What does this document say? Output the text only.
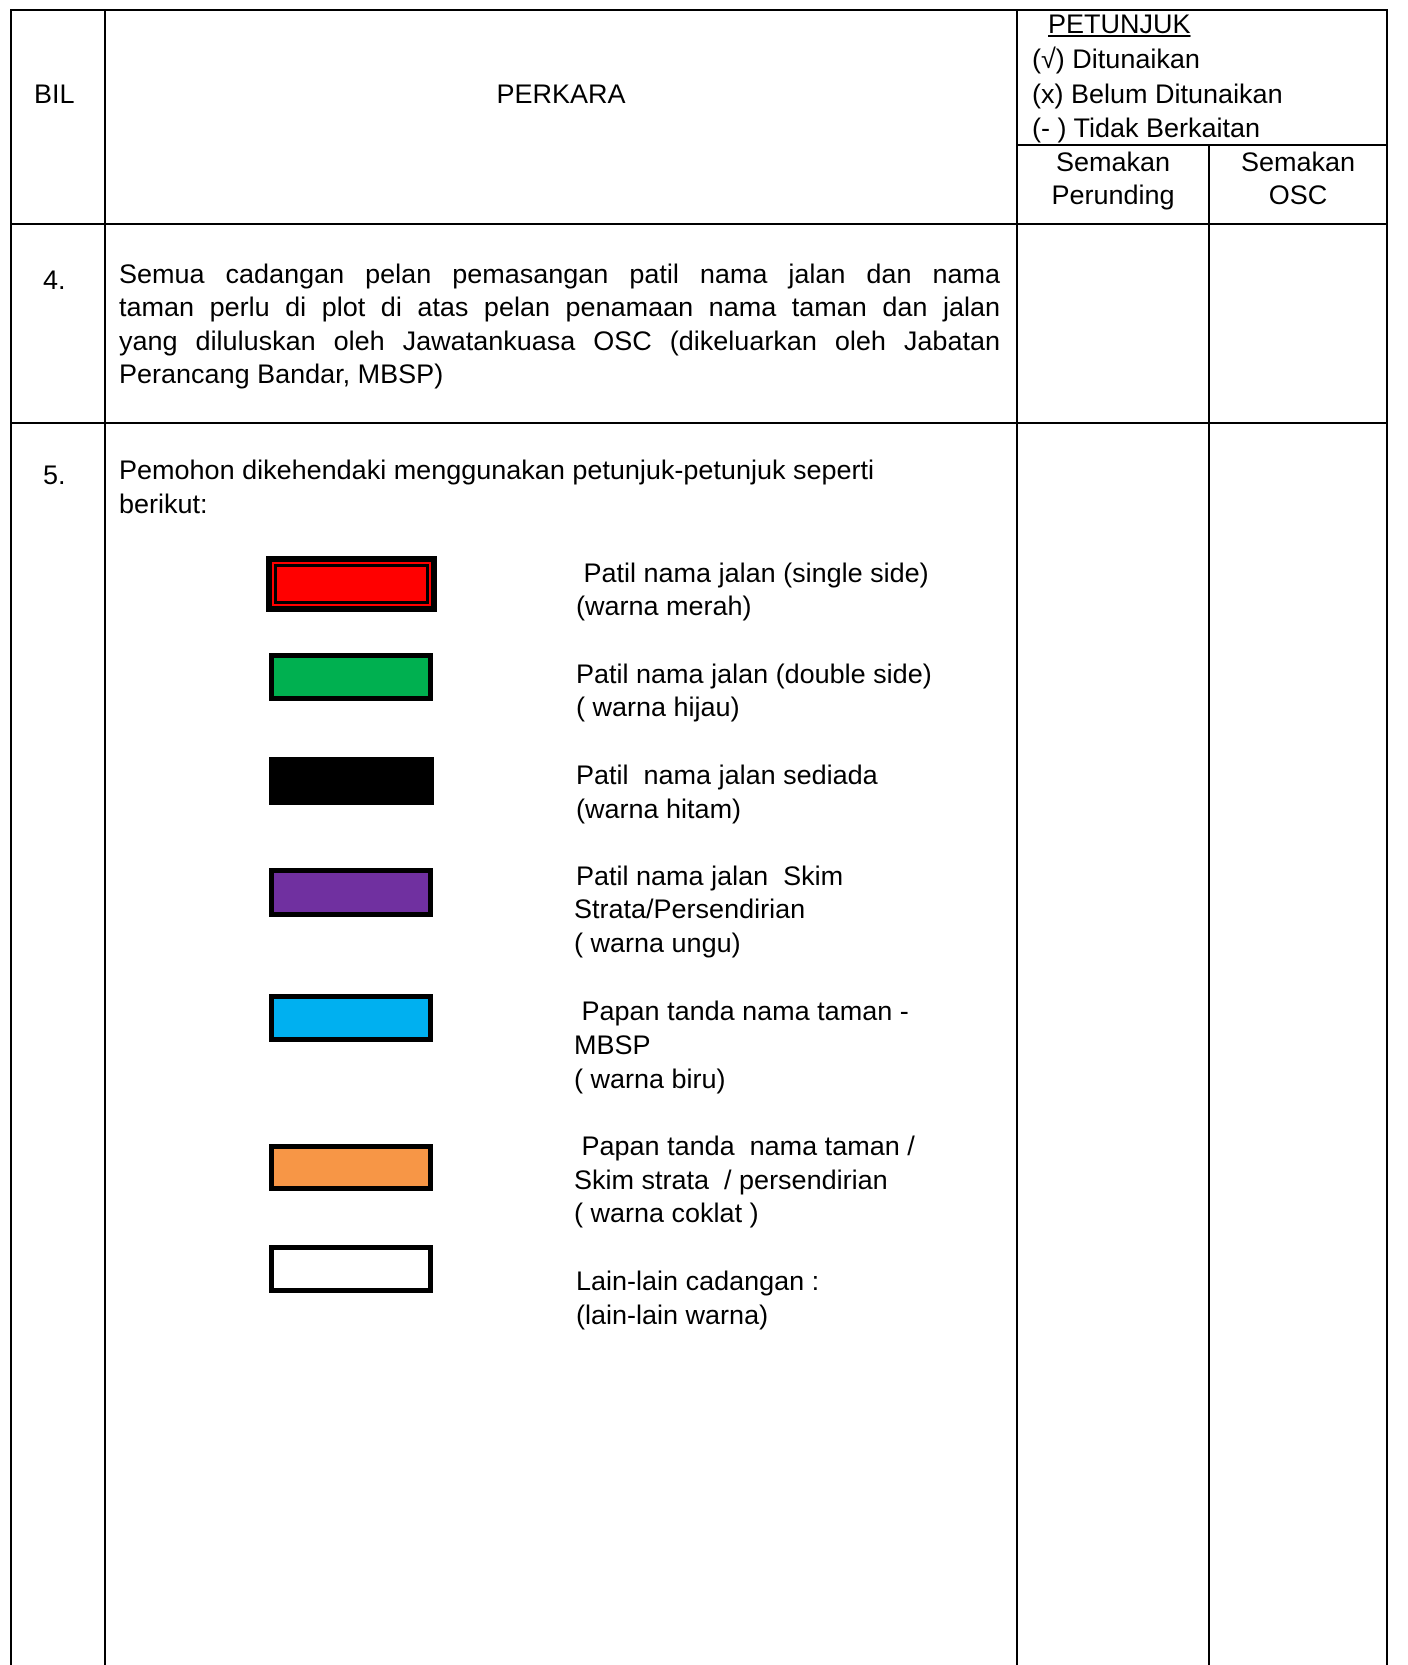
BIL	PERKARA
PETUNJUK
(√) Ditunaikan
(x) Belum Ditunaikan
(- ) Tidak Berkaitan
Semakan
Perunding
Semakan
OSC
4. Semua cadangan pelan pemasangan patil nama jalan dan nama
taman perlu di plot di atas pelan penamaan nama taman dan jalan
yang diluluskan oleh Jawatankuasa OSC (dikeluarkan oleh Jabatan
Perancang Bandar, MBSP)
5. Pemohon dikehendaki menggunakan petunjuk-petunjuk seperti
berikut:
Patil nama jalan (single side)
(warna merah)
Patil nama jalan (double side)
( warna hijau)
Patil  nama jalan sediada
(warna hitam)
Patil nama jalan  Skim
Strata/Persendirian
( warna ungu)
Papan tanda nama taman -
MBSP
( warna biru)
Papan tanda  nama taman /
Skim strata  / persendirian
( warna coklat )
Lain-lain cadangan :
(lain-lain warna)
